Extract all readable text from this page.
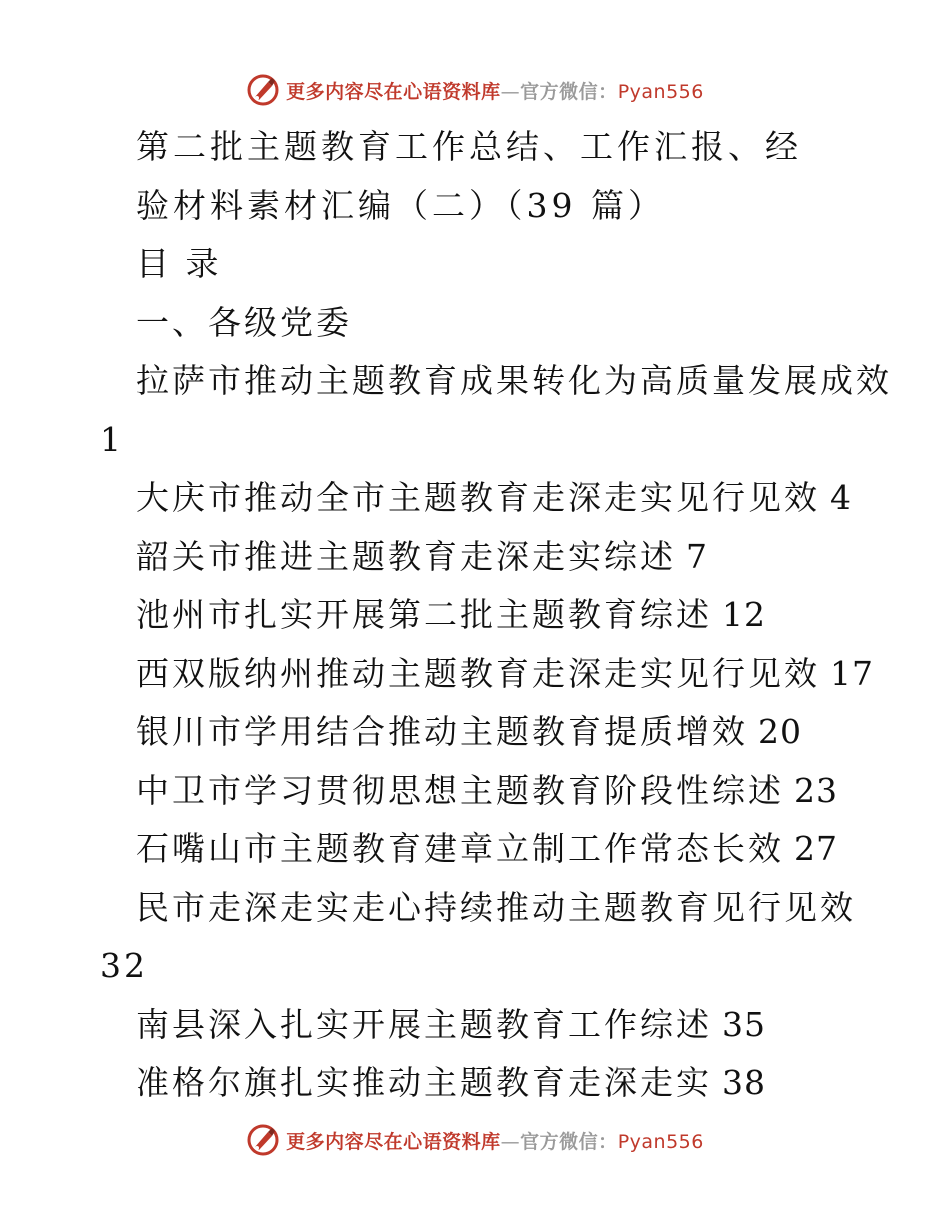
更多内容尽在心语资料库—官方微信：Pyan556
第二批主题教育工作总结、工作汇报、经
验材料素材汇编（二）（39 篇）
目 录
一、各级党委
拉萨市推动主题教育成果转化为高质量发展成效
1
大庆市推动全市主题教育走深走实见行见效 4
韶关市推进主题教育走深走实综述 7
池州市扎实开展第二批主题教育综述 12
西双版纳州推动主题教育走深走实见行见效 17
银川市学用结合推动主题教育提质增效 20
中卫市学习贯彻思想主题教育阶段性综述 23
石嘴山市主题教育建章立制工作常态长效 27
民市走深走实走心持续推动主题教育见行见效
32
南县深入扎实开展主题教育工作综述 35
准格尔旗扎实推动主题教育走深走实 38
更多内容尽在心语资料库—官方微信：Pyan556
